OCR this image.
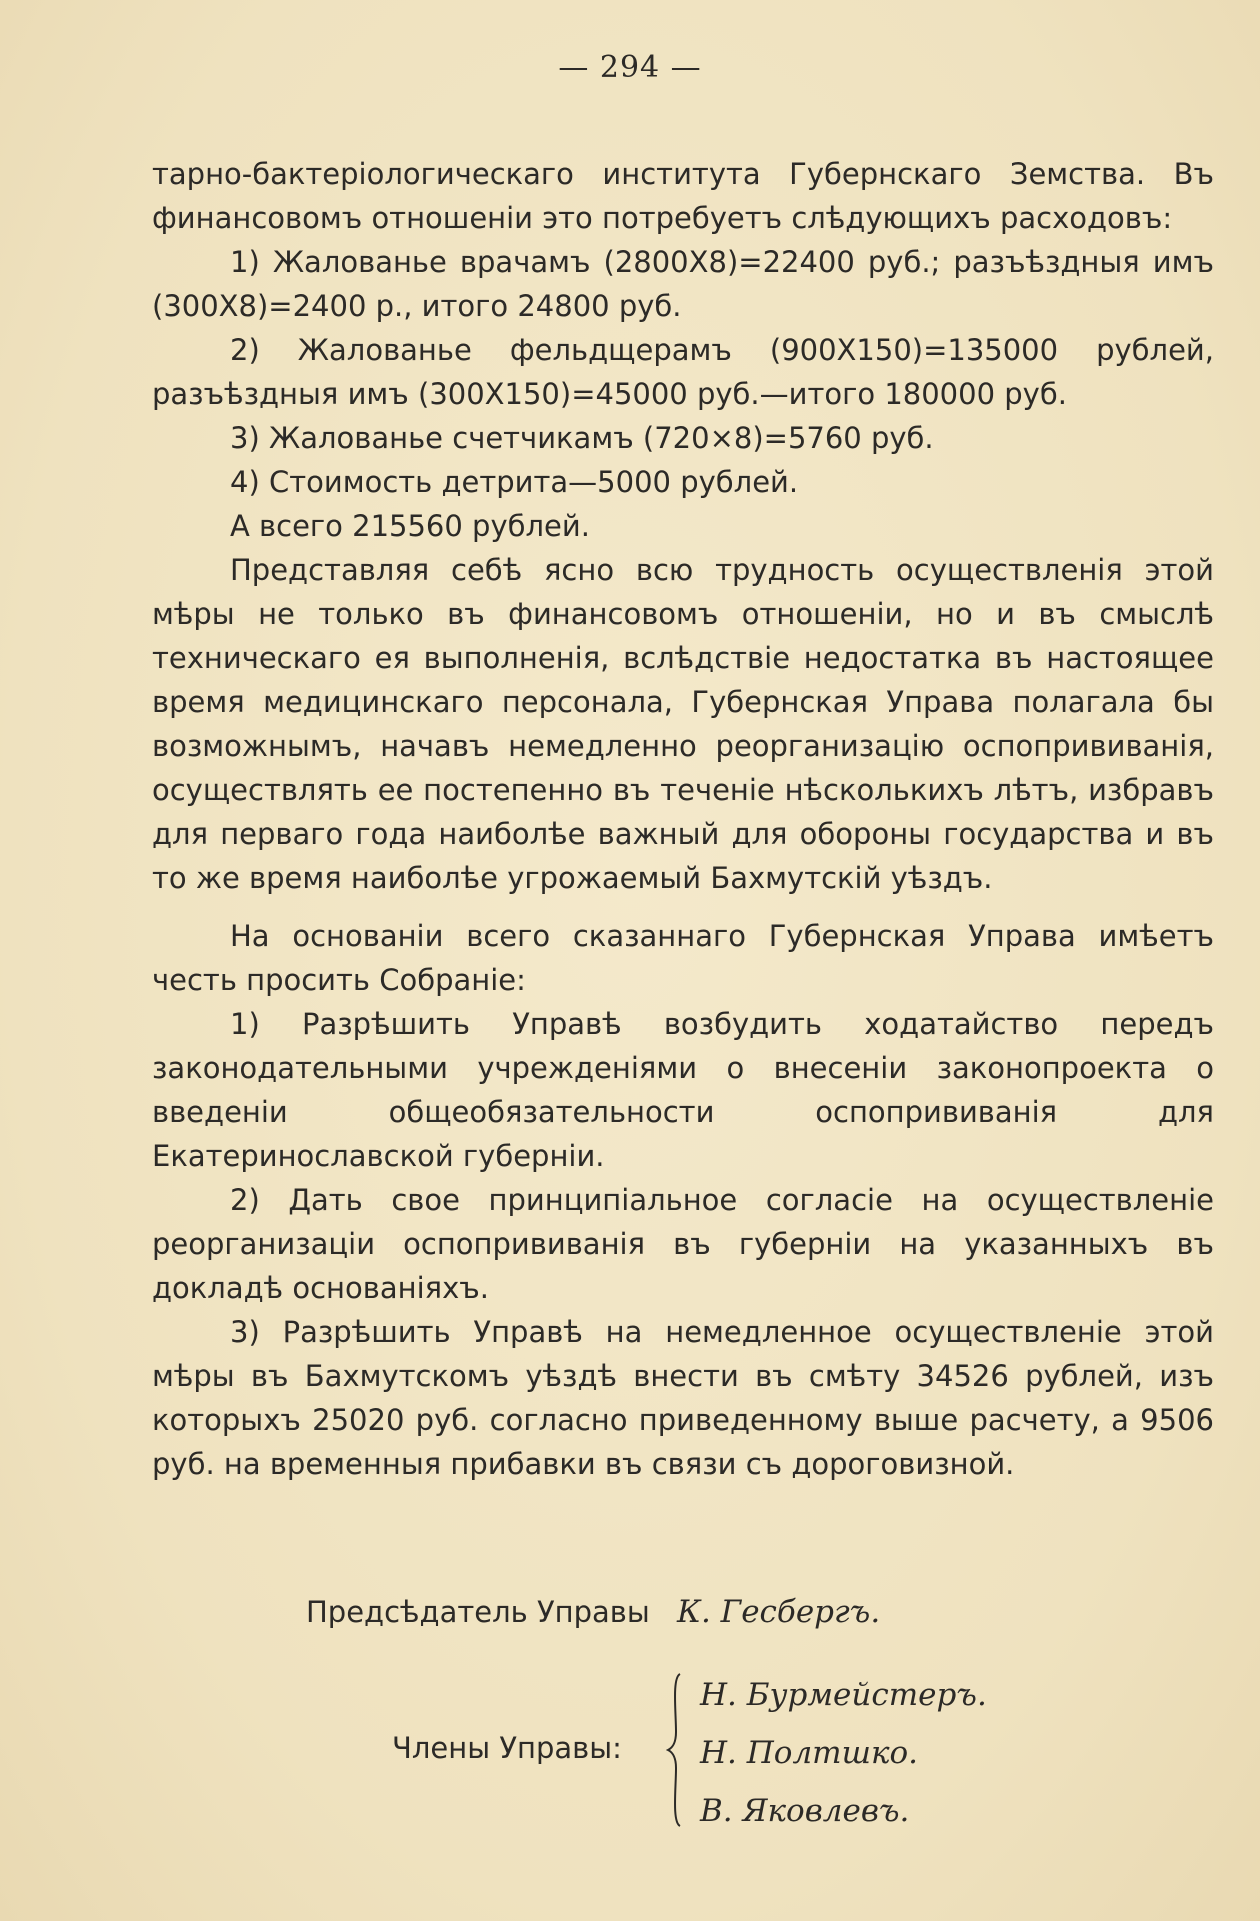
— 294 —

тарно-бактеріологическаго института Губернскаго Земства. Въ финансовомъ отношеніи это потребуетъ слѣдующихъ расходовъ:

1) Жалованье врачамъ (2800Х8)=22400 руб.; разъѣздныя имъ (300Х8)=2400 р., итого 24800 руб.

2) Жалованье фельдщерамъ (900Х150)=135000 рублей, разъѣздныя имъ (300Х150)=45000 руб.—итого 180000 руб.

3) Жалованье счетчикамъ (720×8)=5760 руб.

4) Стоимость детрита—5000 рублей.

А всего 215560 рублей.

Представляя себѣ ясно всю трудность осуществленія этой мѣры не только въ финансовомъ отношеніи, но и въ смыслѣ техническаго ея выполненія, вслѣдствіе недостатка въ настоящее время медицинскаго персонала, Губернская Управа полагала бы возможнымъ, начавъ немедленно реорганизацію оспопрививанія, осуществлять ее постепенно въ теченіе нѣсколькихъ лѣтъ, избравъ для перваго года наиболѣе важный для обороны государства и въ то же время наиболѣе угрожаемый Бахмутскій уѣздъ.

На основаніи всего сказаннаго Губернская Управа имѣетъ честь просить Собраніе:

1) Разрѣшить Управѣ возбудить ходатайство передъ законодательными учрежденіями о внесеніи законопроекта о введеніи общеобязательности оспопрививанія для Екатеринославской губерніи.

2) Дать свое принципіальное согласіе на осуществленіе реорганизаціи оспопрививанія въ губерніи на указанныхъ въ докладѣ основаніяхъ.

3) Разрѣшить Управѣ на немедленное осуществленіе этой мѣры въ Бахмутскомъ уѣздѣ внести въ смѣту 34526 рублей, изъ которыхъ 25020 руб. согласно приведенному выше расчету, а 9506 руб. на временныя прибавки въ связи съ дороговизной.

Предсѣдатель Управы К. Гесбергъ.
Члены Управы:
Н. Бурмейстеръ.
Н. Полтшко.
В. Яковлевъ.
